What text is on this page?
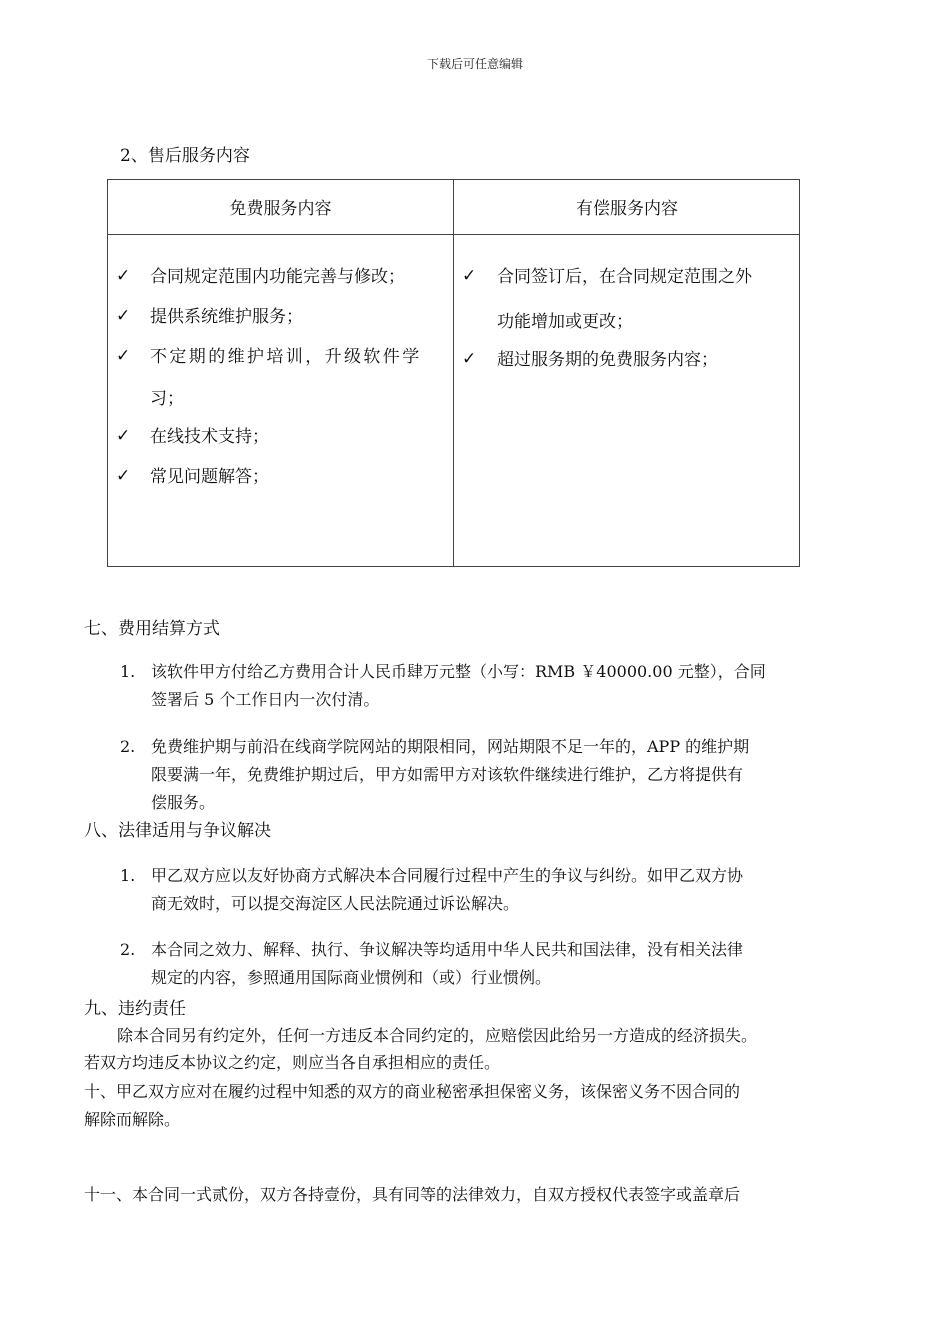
下载后可任意编辑

2、售后服务内容

免费服务内容	有偿服务内容
✓ 合同规定范围内功能完善与修改；
✓ 提供系统维护服务；
✓ 不定期的维护培训，升级软件学
习；
✓ 在线技术支持；
✓ 常见问题解答；
✓ 合同签订后，在合同规定范围之外
功能增加或更改；
✓ 超过服务期的免费服务内容；

七、费用结算方式

1. 该软件甲方付给乙方费用合计人民币肆万元整（小写：RMB ￥40000.00 元整），合同

签署后 5 个工作日内一次付清。

2. 免费维护期与前沿在线商学院网站的期限相同，网站期限不足一年的，APP 的维护期

限要满一年，免费维护期过后，甲方如需甲方对该软件继续进行维护，乙方将提供有

偿服务。

八、法律适用与争议解决

1. 甲乙双方应以友好协商方式解决本合同履行过程中产生的争议与纠纷。如甲乙双方协

商无效时，可以提交海淀区人民法院通过诉讼解决。

2. 本合同之效力、解释、执行、争议解决等均适用中华人民共和国法律，没有相关法律

规定的内容，参照通用国际商业惯例和（或）行业惯例。

九、违约责任

除本合同另有约定外，任何一方违反本合同约定的，应赔偿因此给另一方造成的经济损失。

若双方均违反本协议之约定，则应当各自承担相应的责任。

十、甲乙双方应对在履约过程中知悉的双方的商业秘密承担保密义务，该保密义务不因合同的

解除而解除。

十一、本合同一式贰份，双方各持壹份，具有同等的法律效力，自双方授权代表签字或盖章后
